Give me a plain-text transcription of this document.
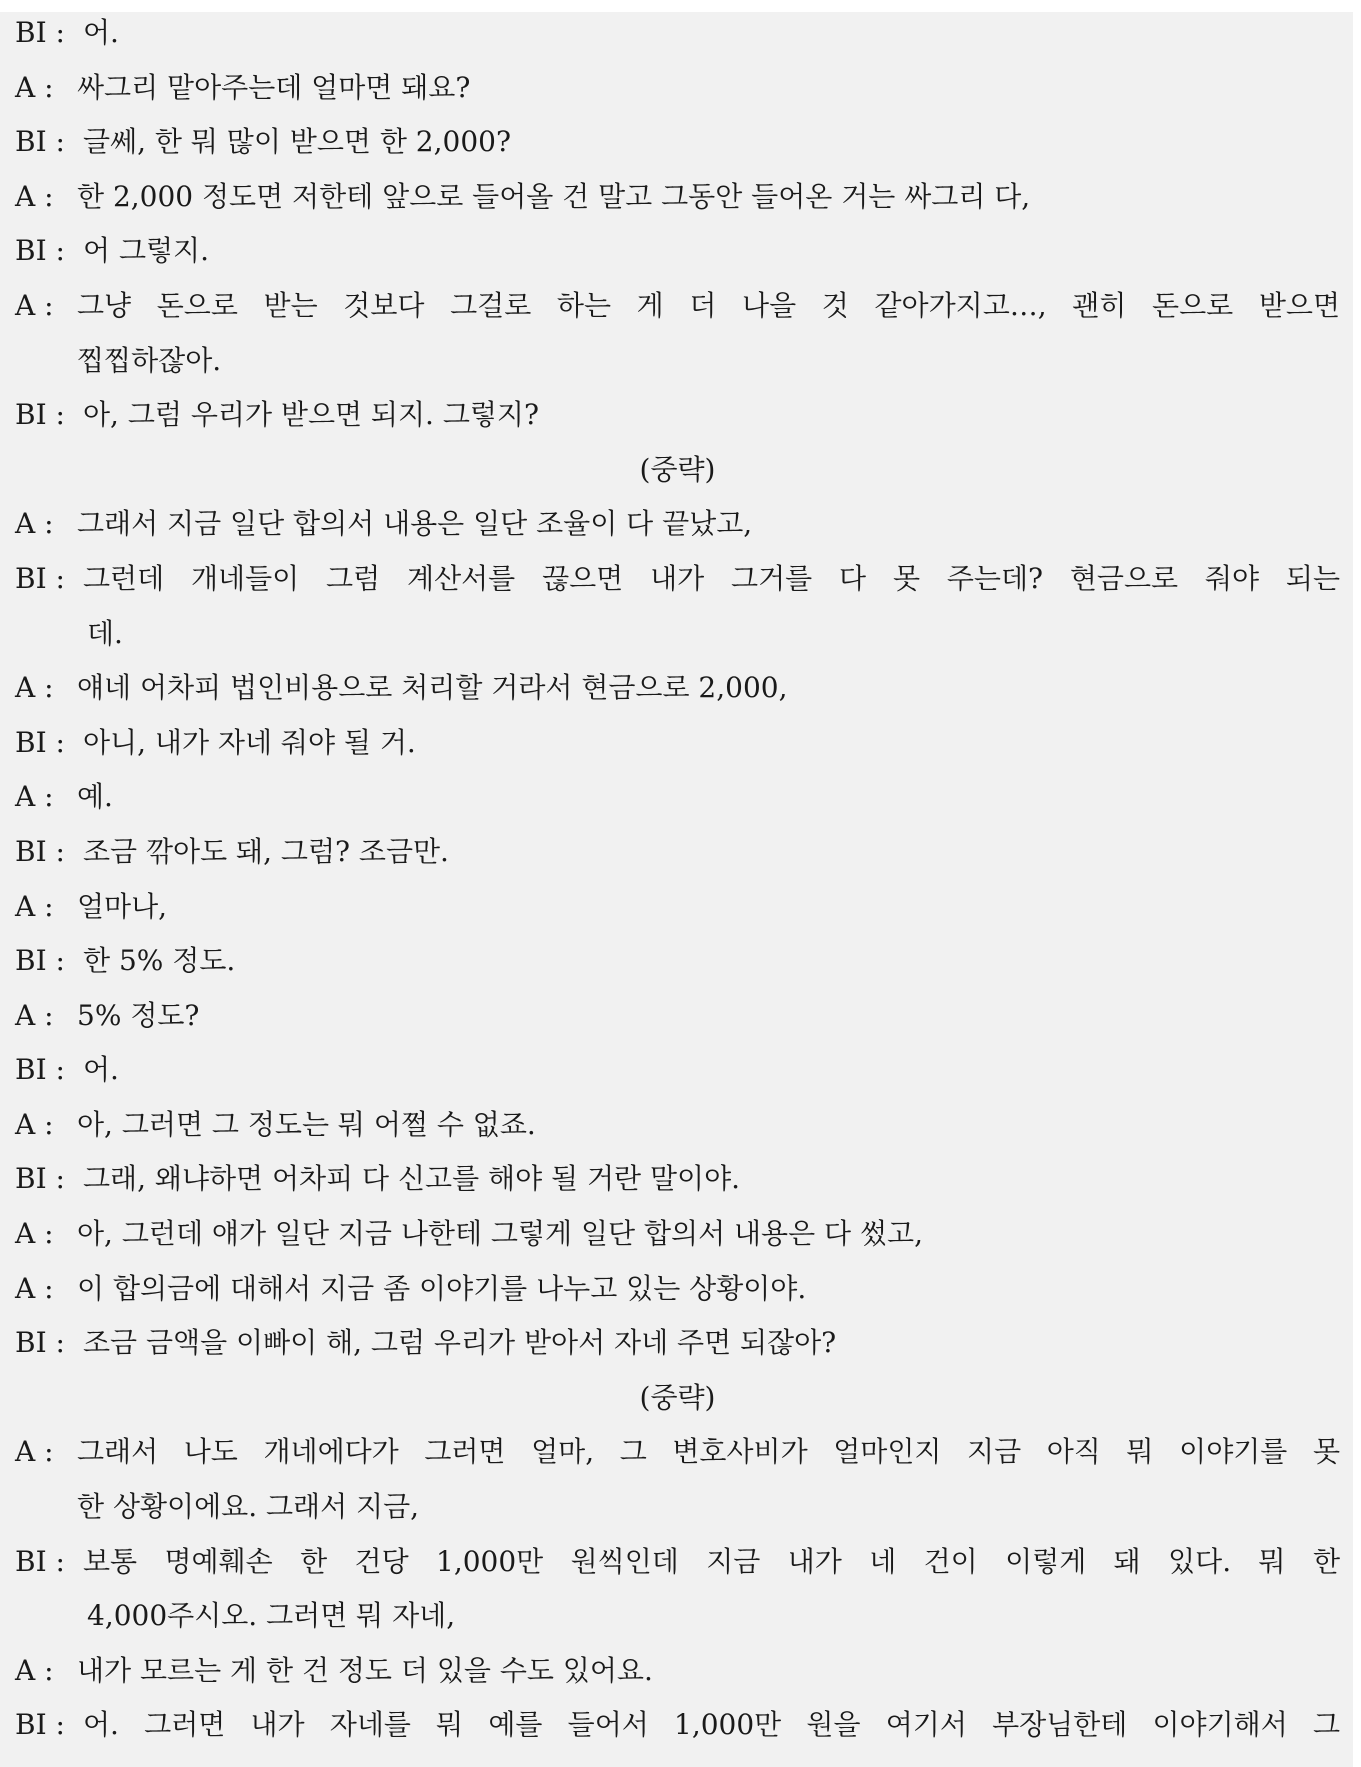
BI : 어.
A : 싸그리 맡아주는데 얼마면 돼요?
BI : 글쎄, 한 뭐 많이 받으면 한 2,000?
A : 한 2,000 정도면 저한테 앞으로 들어올 건 말고 그동안 들어온 거는 싸그리 다,
BI : 어 그렇지.
A : 그냥 돈으로 받는 것보다 그걸로 하는 게 더 나을 것 같아가지고…, 괜히 돈으로 받으면
찝찝하잖아.
BI : 아, 그럼 우리가 받으면 되지. 그렇지?
(중략)
A : 그래서 지금 일단 합의서 내용은 일단 조율이 다 끝났고,
BI : 그런데 개네들이 그럼 계산서를 끊으면 내가 그거를 다 못 주는데? 현금으로 줘야 되는
데.
A : 얘네 어차피 법인비용으로 처리할 거라서 현금으로 2,000,
BI : 아니, 내가 자네 줘야 될 거.
A : 예.
BI : 조금 깎아도 돼, 그럼? 조금만.
A : 얼마나,
BI : 한 5% 정도.
A : 5% 정도?
BI : 어.
A : 아, 그러면 그 정도는 뭐 어쩔 수 없죠.
BI : 그래, 왜냐하면 어차피 다 신고를 해야 될 거란 말이야.
A : 아, 그런데 얘가 일단 지금 나한테 그렇게 일단 합의서 내용은 다 썼고,
A : 이 합의금에 대해서 지금 좀 이야기를 나누고 있는 상황이야.
BI : 조금 금액을 이빠이 해, 그럼 우리가 받아서 자네 주면 되잖아?
(중략)
A : 그래서 나도 개네에다가 그러면 얼마, 그 변호사비가 얼마인지 지금 아직 뭐 이야기를 못
한 상황이에요. 그래서 지금,
BI : 보통 명예훼손 한 건당 1,000만 원씩인데 지금 내가 네 건이 이렇게 돼 있다. 뭐 한
4,000주시오. 그러면 뭐 자네,
A : 내가 모르는 게 한 건 정도 더 있을 수도 있어요.
BI : 어. 그러면 내가 자네를 뭐 예를 들어서 1,000만 원을 여기서 부장님한테 이야기해서 그
